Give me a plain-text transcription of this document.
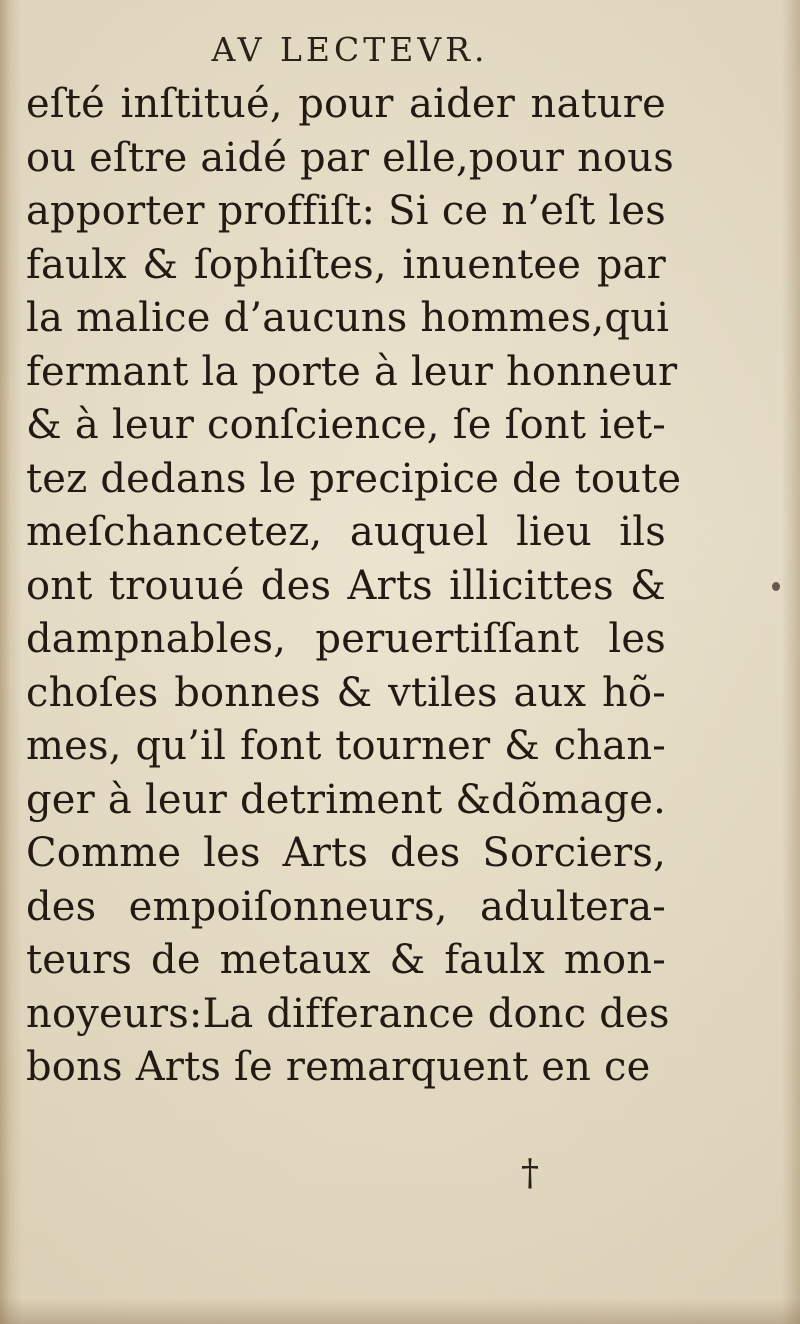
AV LECTEVR.
eſté inſtitué, pour aider nature
ou eſtre aidé par elle,pour nous
apporter proffiſt: Si ce n’eſt les
faulx & ſophiſtes, inuentee par
la malice d’aucuns hommes,qui
fermant la porte à leur honneur
& à leur conſcience, ſe ſont iet-
tez dedans le precipice de toute
meſchancetez, auquel lieu ils
ont trouué des Arts illicittes &
dampnables, peruertiſſant les
choſes bonnes & vtiles aux hõ-
mes, qu’il font tourner & chan-
ger à leur detriment &dõmage.
Comme les Arts des Sorciers,
des empoiſonneurs, adultera-
teurs de metaux & faulx mon-
noyeurs:La differance donc des
bons Arts ſe remarquent en ce
†
